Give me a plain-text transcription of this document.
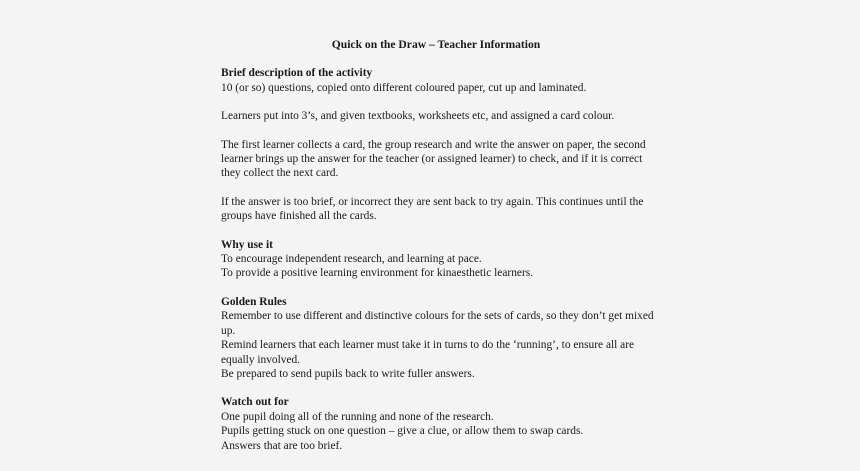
Quick on the Draw – Teacher Information
Brief description of the activity
10 (or so) questions, copied onto different coloured paper, cut up and laminated.
Learners put into 3’s, and given textbooks, worksheets etc, and assigned a card colour.
The first learner collects a card, the group research and write the answer on paper, the second learner brings up the answer for the teacher (or assigned learner) to check, and if it is correct they collect the next card.
If the answer is too brief, or incorrect they are sent back to try again. This continues until the groups have finished all the cards.
Why use it
To encourage independent research, and learning at pace.
To provide a positive learning environment for kinaesthetic learners.
Golden Rules
Remember to use different and distinctive colours for the sets of cards, so they don’t get mixed up.
Remind learners that each learner must take it in turns to do the ‘running’, to ensure all are equally involved.
Be prepared to send pupils back to write fuller answers.
Watch out for
One pupil doing all of the running and none of the research.
Pupils getting stuck on one question – give a clue, or allow them to swap cards.
Answers that are too brief.
